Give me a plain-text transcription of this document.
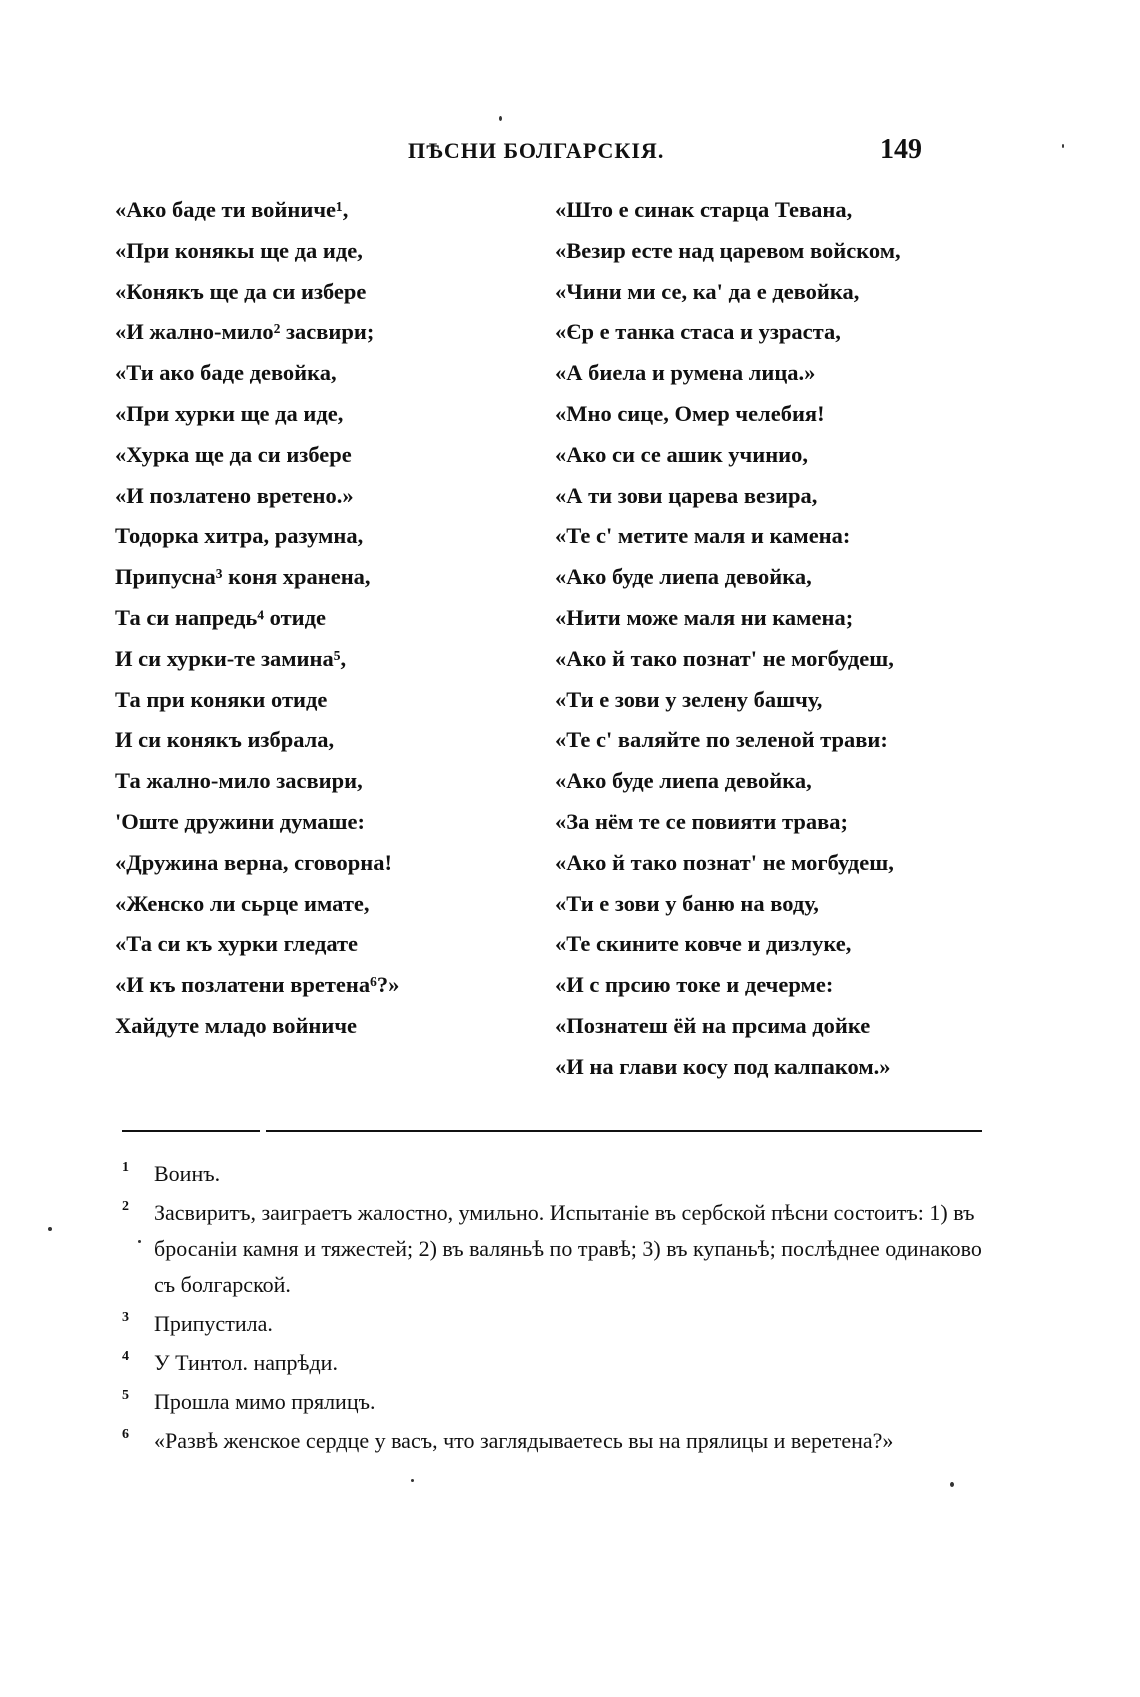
ПѢСНИ БОЛГАРСКІЯ.	149
«Ако баде ти войниче¹,
«При конякы ще да иде,
«Конякъ ще да си избере
«И жално-мило² засвири;
«Ти ако баде девойка,
«При хурки ще да иде,
«Хурка ще да си избере
«И позлатено вретено.»
Тодорка хитра, разумна,
Припусна³ коня хранена,
Та си напредь⁴ отиде
И си хурки-те замина⁵,
Та при коняки отиде
И си конякъ избрала,
Та жално-мило засвири,
'Оште дружини думаше:
«Дружина верна, сговорна!
«Женско ли сьрце имате,
«Та си къ хурки гледате
«И къ позлатени вретена⁶?»
Хайдуте младо войниче
«Што е синак старца Тевана,
«Везир есте над царевом войском,
«Чини ми се, ка' да е девойка,
«Єр е танка стаса и узраста,
«А биела и румена лица.»
«Мно сице, Омер челебия!
«Ако си се ашик учинио,
«А ти зови царева везира,
«Те с' метите маля и камена:
«Ако буде лиепа девойка,
«Нити може маля ни камена;
«Ако й тако познат' не могбудеш,
«Ти е зови у зелену башчу,
«Те с' валяйте по зеленой трави:
«Ако буде лиепа девойка,
«За нём те се повияти трава;
«Ако й тако познат' не могбудеш,
«Ти е зови у баню на воду,
«Те скините ковче и дизлуке,
«И с прсию токе и дечерме:
«Познатеш ёй на прсима дойке
«И на глави косу под калпаком.»
1 Воинъ.
2 Засвиритъ, заиграетъ жалостно, умильно. Испытаніе въ сербской пѣсни состоитъ: 1) въ бросаніи камня и тяжестей; 2) въ валяньѣ по травѣ; 3) въ купаньѣ; послѣднее одинаково съ болгарской.
3 Припустила.
4 У Тинтол. напрѣди.
5 Прошла мимо прялицъ.
6 «Развѣ женское сердце у васъ, что заглядываетесь вы на прялицы и веретена?»
